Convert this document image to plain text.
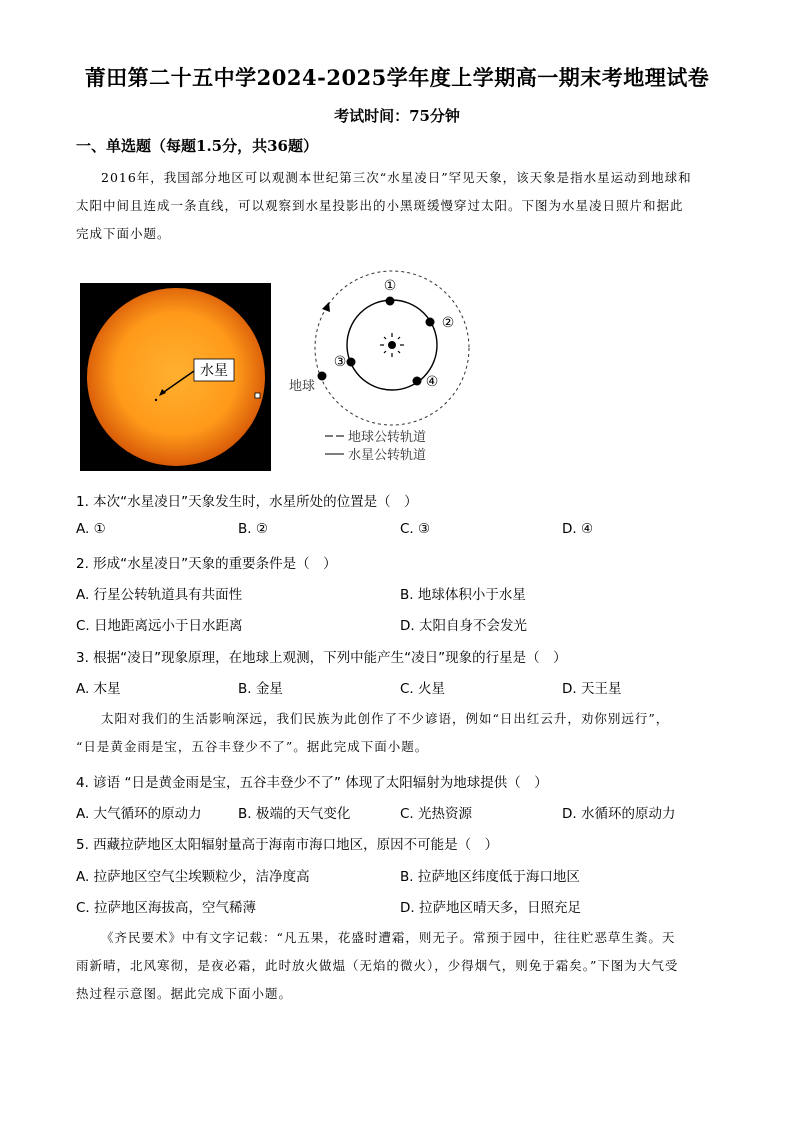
莆田第二十五中学2024-2025学年度上学期高一期末考地理试卷
考试时间：75分钟
一、单选题（每题1.5分，共36题）
2016年，我国部分地区可以观测本世纪第三次“水星凌日”罕见天象，该天象是指水星运动到地球和
太阳中间且连成一条直线，可以观察到水星投影出的小黑斑缓慢穿过太阳。下图为水星凌日照片和据此
完成下面小题。
水星
①
②
③
④
地球
地球公转轨道
水星公转轨道
1. 本次“水星凌日”天象发生时，水星所处的位置是（　）
A. ①	B. ②	C. ③	D. ④
2. 形成“水星凌日”天象的重要条件是（　）
A. 行星公转轨道具有共面性	B. 地球体积小于水星
C. 日地距离远小于日水距离	D. 太阳自身不会发光
3. 根据“凌日”现象原理，在地球上观测，下列中能产生“凌日”现象的行星是（　）
A. 木星	B. 金星	C. 火星	D. 天王星
太阳对我们的生活影响深远，我们民族为此创作了不少谚语，例如“日出红云升，劝你别远行”，
“日是黄金雨是宝，五谷丰登少不了”。据此完成下面小题。
4. 谚语 “日是黄金雨是宝，五谷丰登少不了” 体现了太阳辐射为地球提供（　）
A. 大气循环的原动力	B. 极端的天气变化	C. 光热资源	D. 水循环的原动力
5. 西藏拉萨地区太阳辐射量高于海南市海口地区，原因不可能是（　）
A. 拉萨地区空气尘埃颗粒少，洁净度高	B. 拉萨地区纬度低于海口地区
C. 拉萨地区海拔高，空气稀薄	D. 拉萨地区晴天多，日照充足
《齐民要术》中有文字记载：“凡五果，花盛时遭霜，则无子。常预于园中，往往贮恶草生粪。天
雨新晴，北风寒彻，是夜必霜，此时放火做煴（无焰的微火），少得烟气，则免于霜矣。”下图为大气受
热过程示意图。据此完成下面小题。
